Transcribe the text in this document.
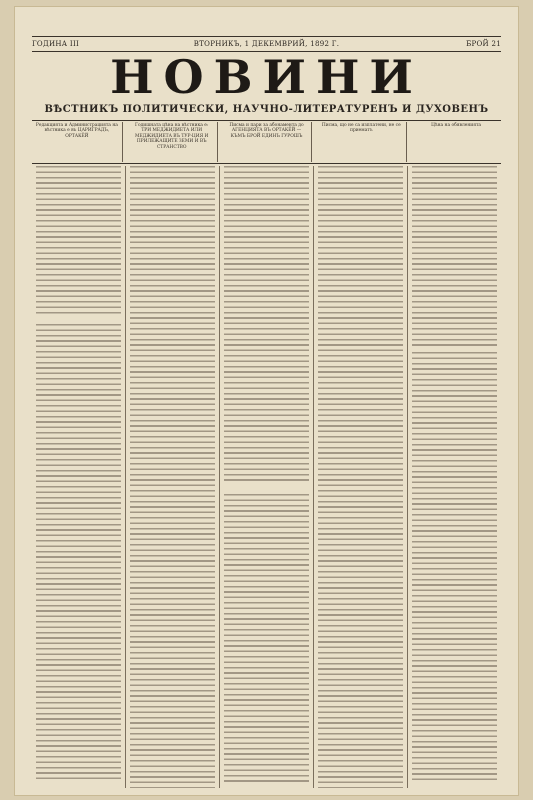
ГОДИНА III	ВТОРНИКЪ, 1 ДЕКЕМВРИЙ, 1892 Г.	БРОЙ 21
НОВИНИ
ВѢСТНИКЪ ПОЛИТИЧЕСКИ, НАУЧНО-ЛИТЕРАТУРЕНЪ И ДУХОВЕНЪ
Редакцията и Администрацията на вѣстника е въ ЦАРИГРАДЪ, ОРТАКЁЙ
Годишната цѣна на вѣстника е: ТРИ МЕДЖИДИЕТА ИЛИ МЕДЖИДИЕТА ВЪ ТУР-ЦИЯ И ПРИЛЕЖАЩИТЕ ЗЕМИ И ВЪ СТРАНСТВО
Писма и пари за абонамента до АГЕНЦИЯТА ВЪ ОРТАКЁЙ — КЪМЪ БРОЙ ЕДИНЪ ГУРОШЪ
Писма, що не са изплатени, не се приематъ
Цѣна на обявленията
